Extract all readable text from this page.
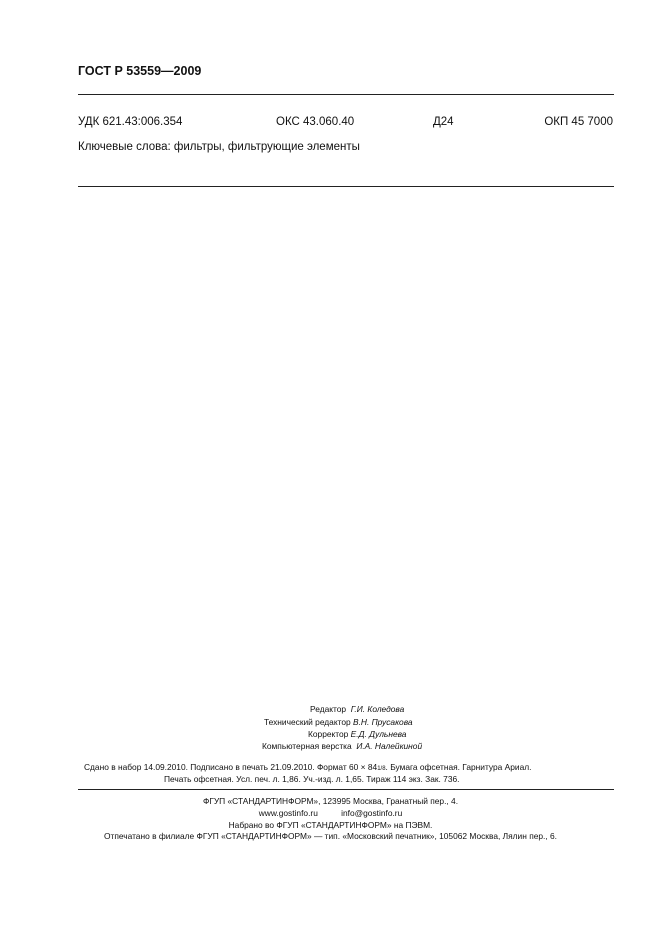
ГОСТ Р 53559—2009
УДК 621.43:006.354	ОКС 43.060.40	Д24	ОКП 45 7000
Ключевые слова: фильтры, фильтрующие элементы
Редактор Г.И. Коледова
Технический редактор В.Н. Прусакова
Корректор Е.Д. Дульнева
Компьютерная верстка И.А. Налейкиной
Сдано в набор 14.09.2010. Подписано в печать 21.09.2010. Формат 60 × 841/8. Бумага офсетная. Гарнитура Ариал.
Печать офсетная. Усл. печ. л. 1,86. Уч.-изд. л. 1,65. Тираж 114 экз. Зак. 736.
ФГУП «СТАНДАРТИНФОРМ», 123995 Москва, Гранатный пер., 4.
www.gostinfo.ru	info@gostinfo.ru
Набрано во ФГУП «СТАНДАРТИНФОРМ» на ПЭВМ.
Отпечатано в филиале ФГУП «СТАНДАРТИНФОРМ» — тип. «Московский печатник», 105062 Москва, Лялин пер., 6.
